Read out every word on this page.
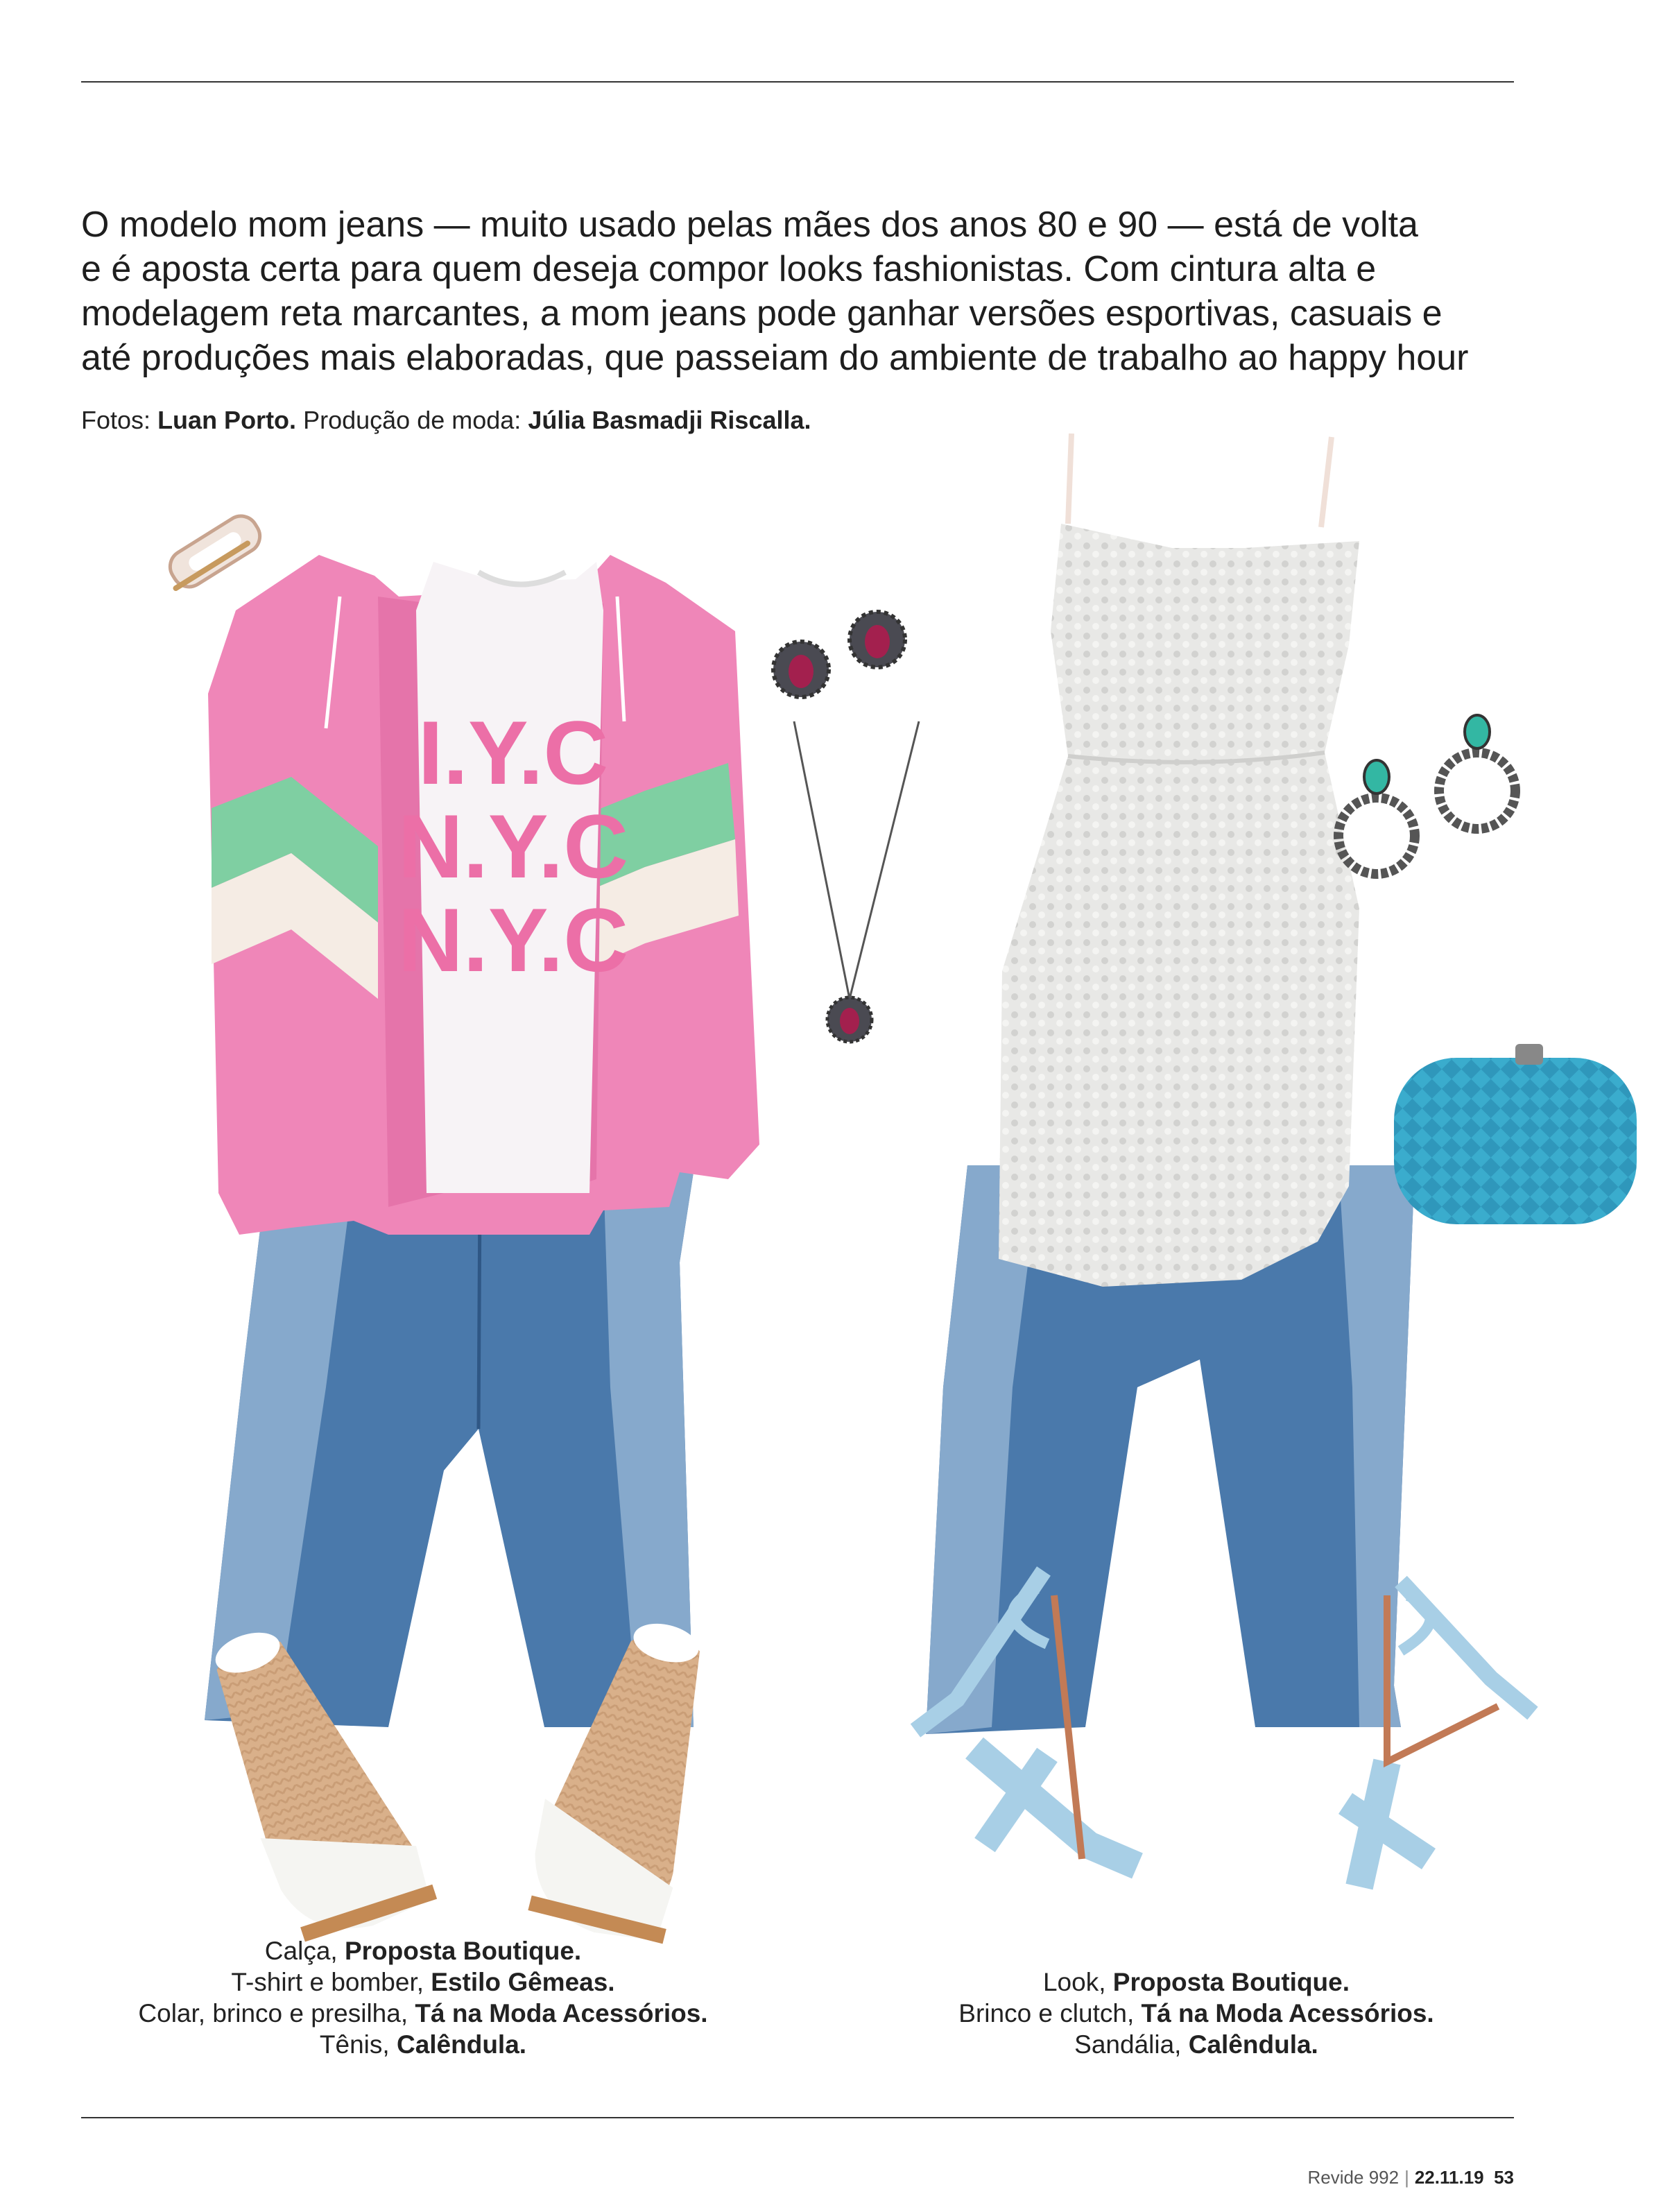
O modelo mom jeans — muito usado pelas mães dos anos 80 e 90 — está de volta
e é aposta certa para quem deseja compor looks fashionistas. Com cintura alta e
modelagem reta marcantes, a mom jeans pode ganhar versões esportivas, casuais e
até produções mais elaboradas, que passeiam do ambiente de trabalho ao happy hour
Fotos: Luan Porto. Produção de moda: Júlia Basmadji Riscalla.
I.Y.C
N.Y.C
N.Y.C
Calça, Proposta Boutique.
T-shirt e bomber, Estilo Gêmeas.
Colar, brinco e presilha, Tá na Moda Acessórios.
Tênis, Calêndula.
Look, Proposta Boutique.
Brinco e clutch, Tá na Moda Acessórios.
Sandália, Calêndula.
Revide 992 | 22.11.19 53
